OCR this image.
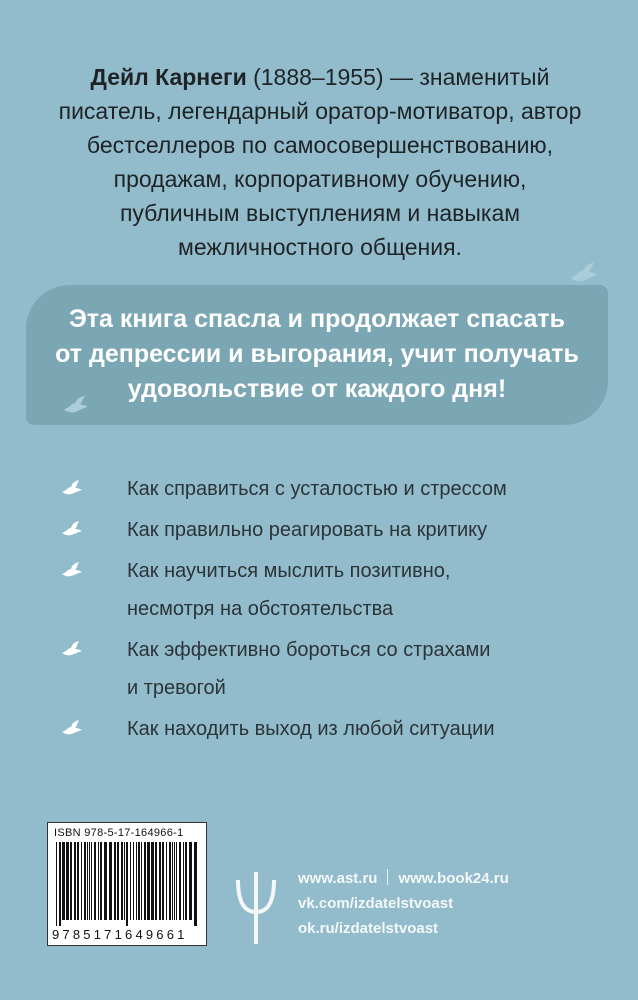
Дейл Карнеги (1888–1955) — знаменитый
писатель, легендарный оратор-мотиватор, автор
бестселлеров по самосовершенствованию,
продажам, корпоративному обучению,
публичным выступлениям и навыкам
межличностного общения.
Эта книга спасла и продолжает спасать
от депрессии и выгорания, учит получать
удовольствие от каждого дня!
Как справиться с усталостью и стрессом
Как правильно реагировать на критику
Как научиться мыслить позитивно,
несмотря на обстоятельства
Как эффективно бороться со страхами
и тревогой
Как находить выход из любой ситуации
ISBN 978-5-17-164966-1
9785171649661
www.ast.ru www.book24.ru
vk.com/izdatelstvoast
ok.ru/izdatelstvoast
